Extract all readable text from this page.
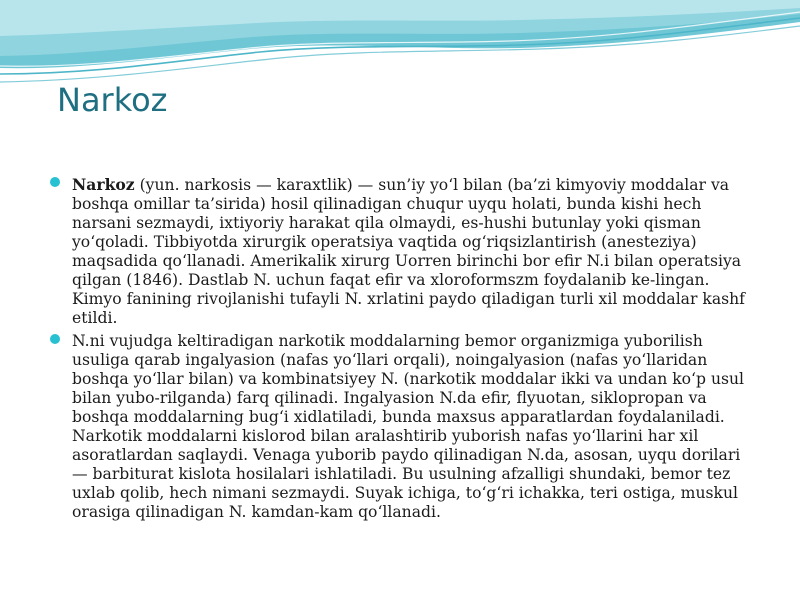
Narkoz
Narkoz (yun. narkosis — karaxtlik) — sun’iy yo‘l bilan (ba’zi kimyoviy moddalar va boshqa omillar ta’sirida) hosil qilinadigan chuqur uyqu holati, bunda kishi hech narsani sezmaydi, ixtiyoriy harakat qila olmaydi, es-hushi butunlay yoki qisman yo‘qoladi. Tibbiyotda xirurgik operatsiya vaqtida og‘riqsizlantirish (anesteziya) maqsadida qo‘llanadi. Amerikalik xirurg Uorren birinchi bor efir N.i bilan operatsiya qilgan (1846). Dastlab N. uchun faqat efir va xloroformszm foydalanib ke-lingan. Kimyo fanining rivojlanishi tufayli N. xrlatini paydo qiladigan turli xil moddalar kashf etildi.
N.ni vujudga keltiradigan narkotik moddalarning bemor organizmiga yuborilish usuliga qarab ingalyasion (nafas yo‘llari orqali), noingalyasion (nafas yo‘llaridan boshqa yo‘llar bilan) va kombinatsiyey N. (narkotik moddalar ikki va undan ko‘p usul bilan yubo-rilganda) farq qilinadi. Ingalyasion N.da efir, flyuotan, siklopropan va boshqa moddalarning bug‘i xidlatiladi, bunda maxsus apparatlardan foydalaniladi. Narkotik moddalarni kislorod bilan aralashtirib yuborish nafas yo‘llarini har xil asoratlardan saqlaydi. Venaga yuborib paydo qilinadigan N.da, asosan, uyqu dorilari — barbiturat kislota hosilalari ishlatiladi. Bu usulning afzalligi shundaki, bemor tez uxlab qolib, hech nimani sezmaydi. Suyak ichiga, to‘g‘ri ichakka, teri ostiga, muskul orasiga qilinadigan N. kamdan-kam qo‘llanadi.
